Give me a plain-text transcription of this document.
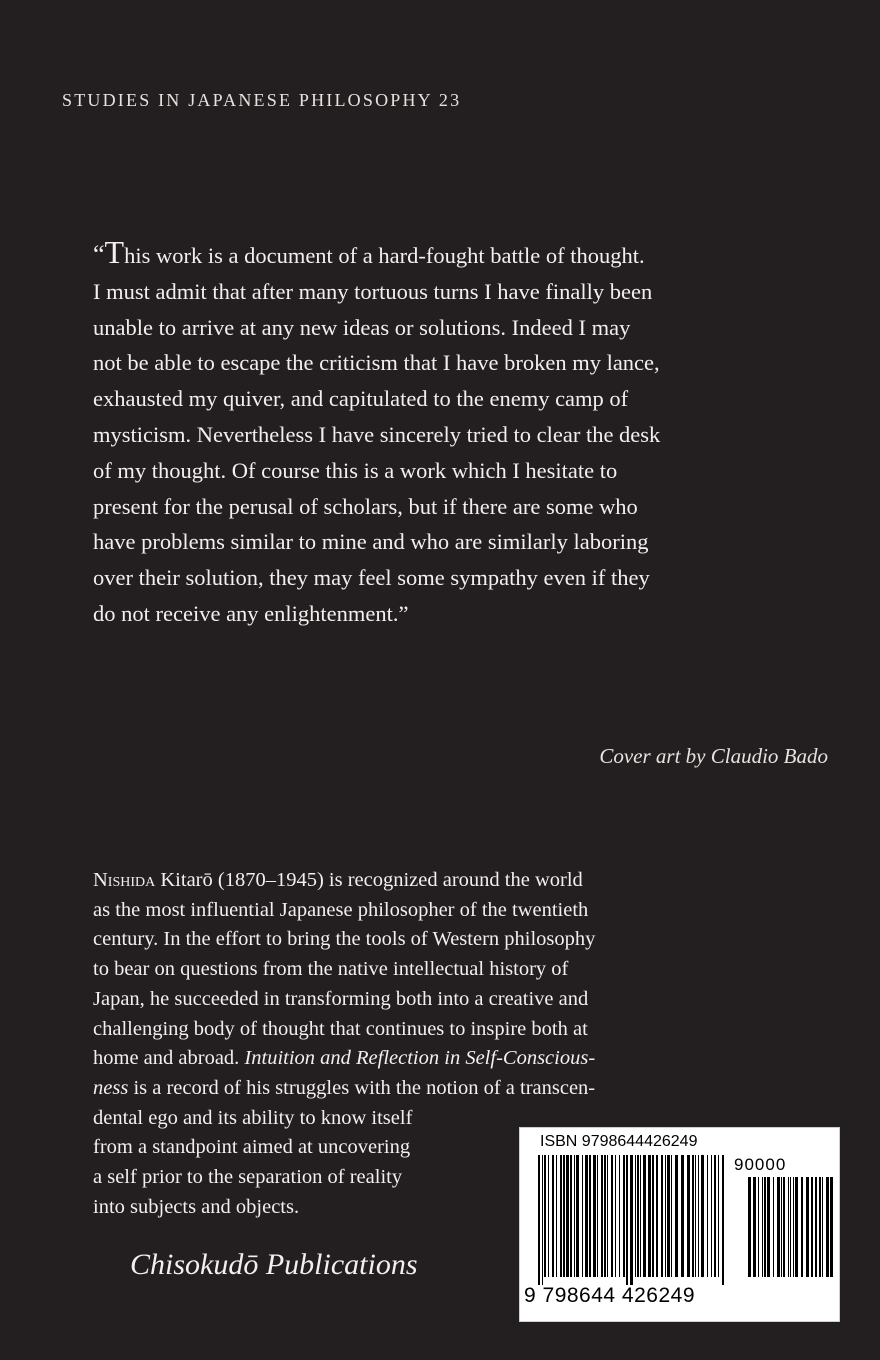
STUDIES IN JAPANESE PHILOSOPHY 23

“This work is a document of a hard-fought battle of thought.
I must admit that after many tortuous turns I have finally been
unable to arrive at any new ideas or solutions. Indeed I may
not be able to escape the criticism that I have broken my lance,
exhausted my quiver, and capitulated to the enemy camp of
mysticism. Nevertheless I have sincerely tried to clear the desk
of my thought. Of course this is a work which I hesitate to
present for the perusal of scholars, but if there are some who
have problems similar to mine and who are similarly laboring
over their solution, they may feel some sympathy even if they
do not receive any enlightenment.”

Cover art by Claudio Bado

Nishida Kitarō (1870–1945) is recognized around the world
as the most influential Japanese philosopher of the twentieth
century. In the effort to bring the tools of Western philosophy
to bear on questions from the native intellectual history of
Japan, he succeeded in transforming both into a creative and
challenging body of thought that continues to inspire both at
home and abroad. Intuition and Reflection in Self-Conscious-
ness is a record of his struggles with the notion of a transcen-
dental ego and its ability to know itself
from a standpoint aimed at uncovering
a self prior to the separation of reality
into subjects and objects.

Chisokudō Publications
ISBN 9798644426249
90000
9 798644 426249
